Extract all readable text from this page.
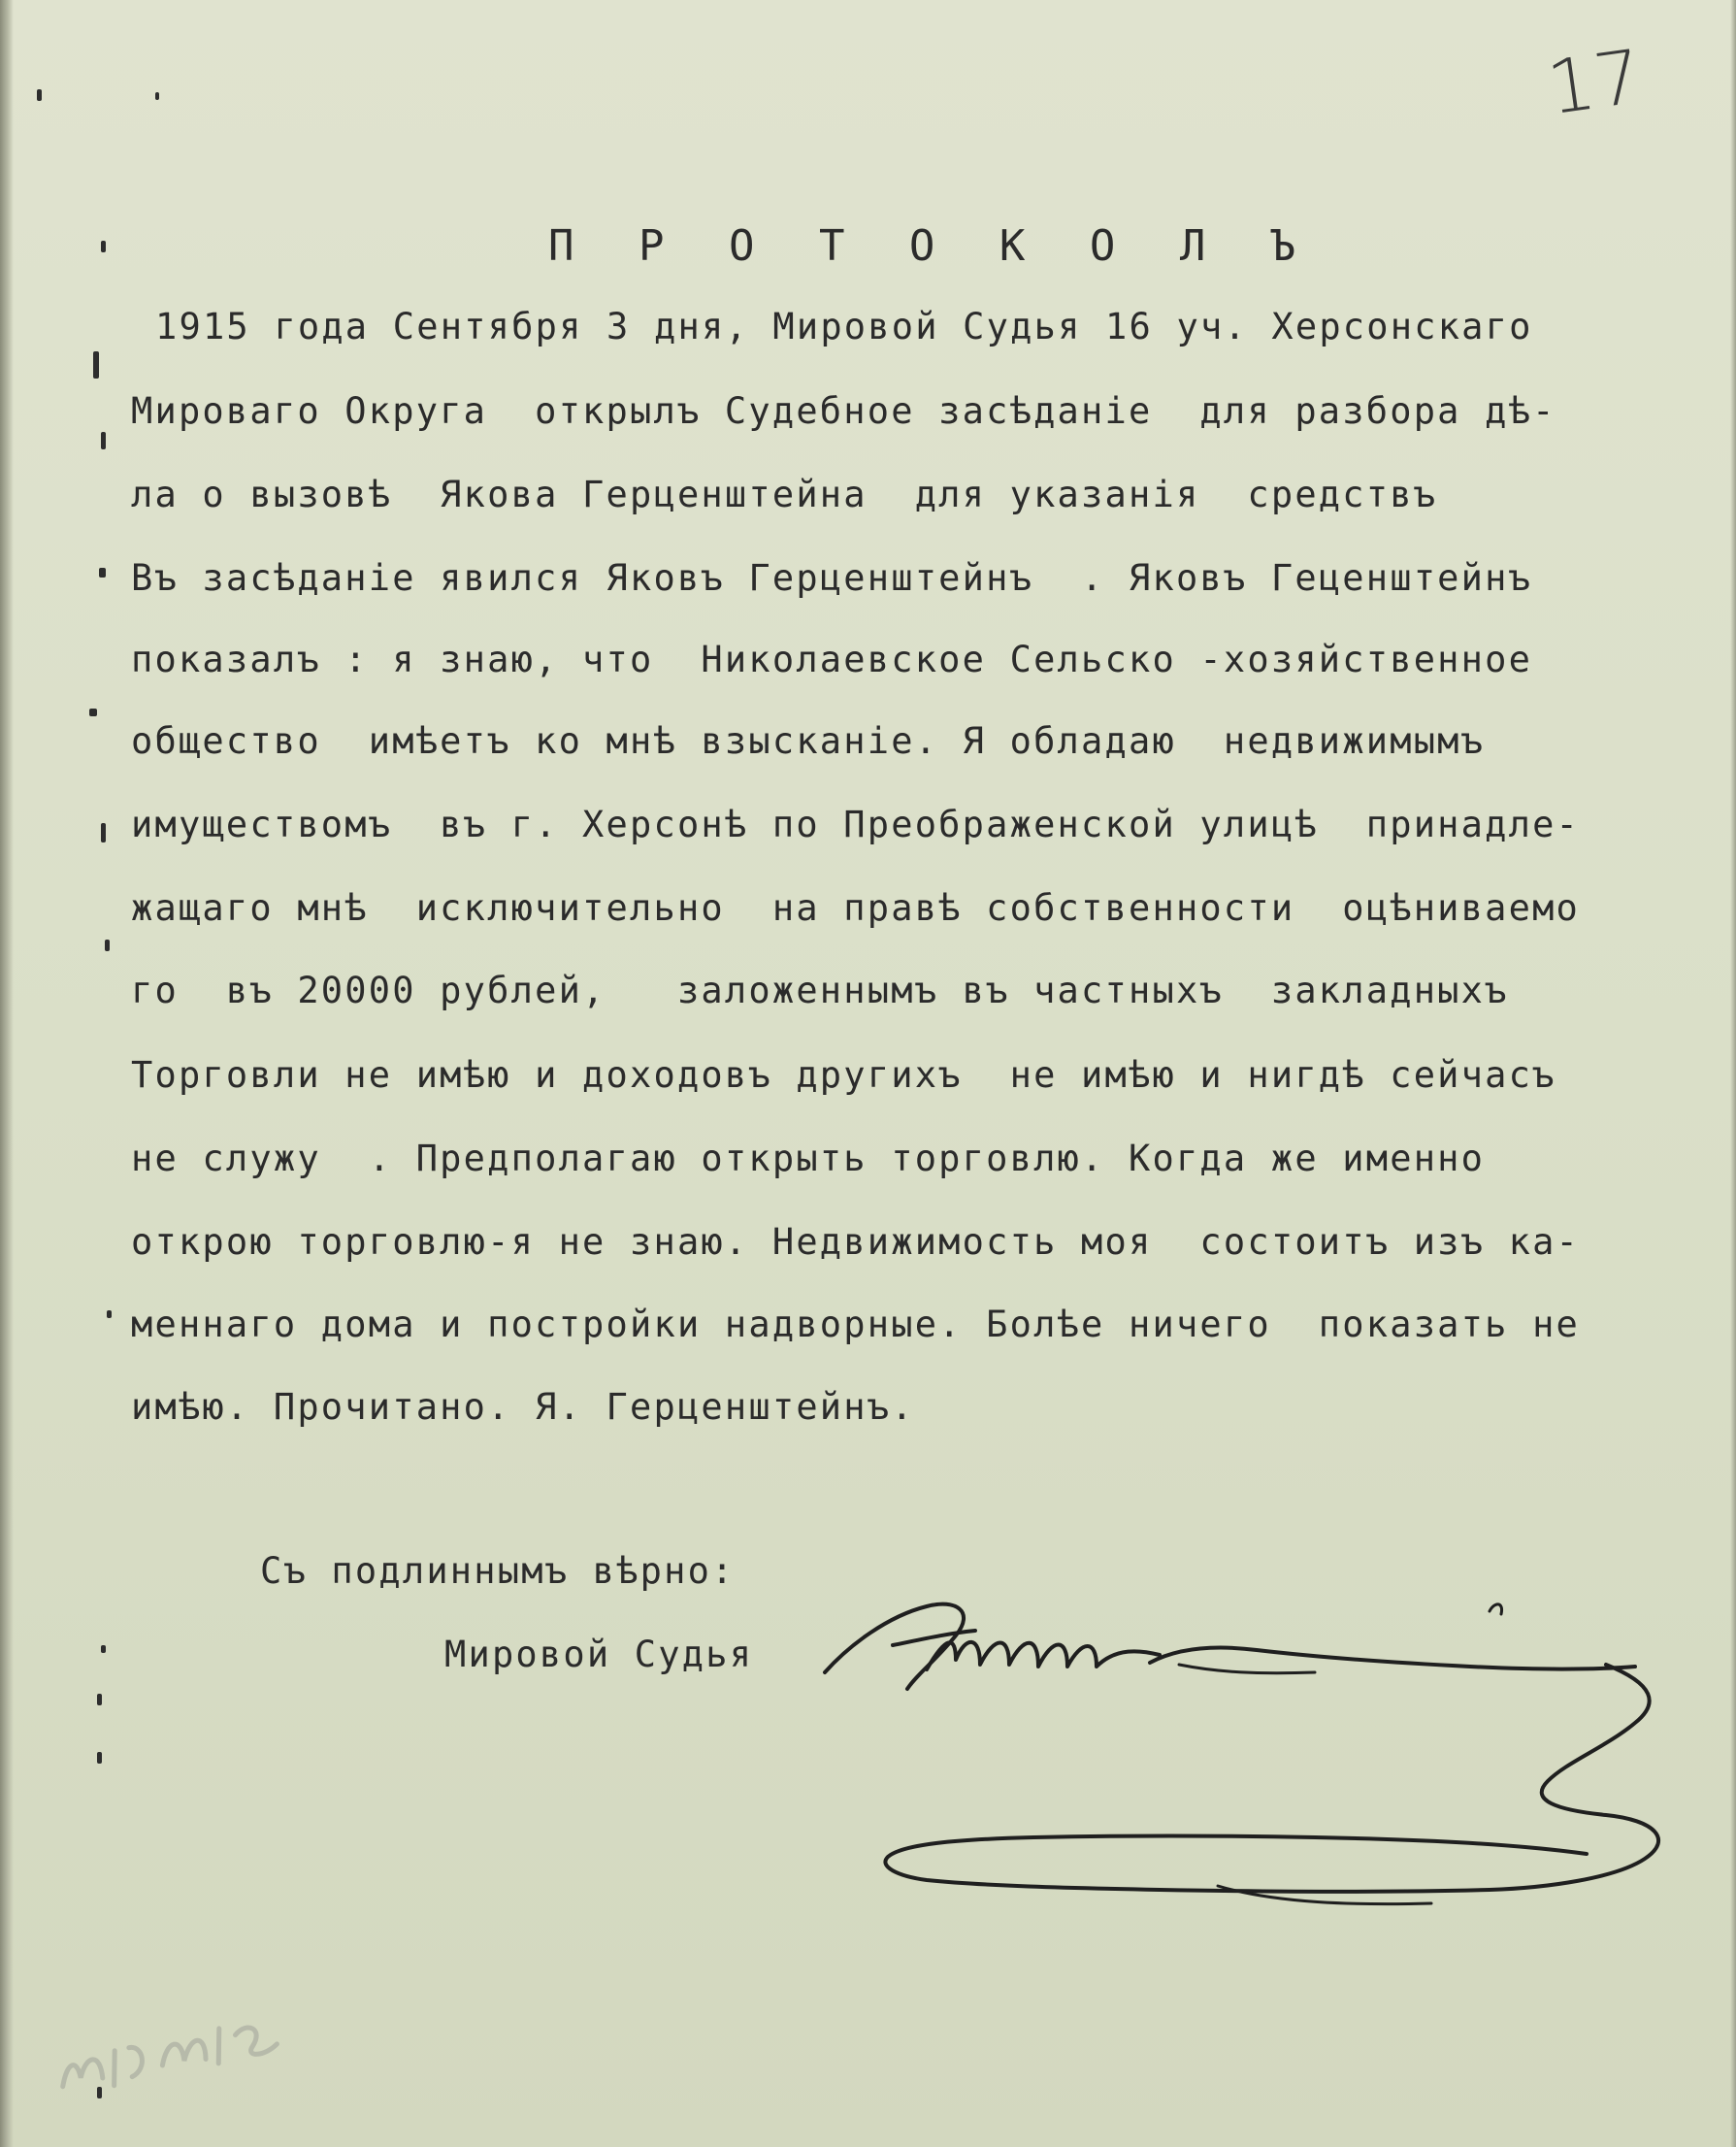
17
П Р О Т О К О Л Ъ
1915 года Сентября 3 дня, Мировой Судья 16 уч. Херсонскаго
Мировaго Округа  открылъ Судебное засѣданiе  для разбора дѣ-
ла о вызовѣ  Якова Герценштейна  для указанiя  средствъ
Въ засѣданiе явился Яковъ Герценштейнъ  . Яковъ Геценштейнъ
показалъ : я знаю, что  Николаевское Сельско -хозяйственное
общество  имѣетъ ко мнѣ взысканiе. Я обладаю  недвижимымъ
имуществомъ  въ г. Херсонѣ по Преображенской улицѣ  принадле-
жащаго мнѣ  исключительно  на правѣ собственности  оцѣниваемо
го  въ 20000 рублей,   заложеннымъ въ частныхъ  закладныхъ
Торговли не имѣю и доходовъ другихъ  не имѣю и нигдѣ сейчасъ
не служу  . Предполагаю открыть торговлю. Когда же именно
открою торговлю-я не знаю. Недвижимость моя  состоитъ изъ ка-
меннаго дома и постройки надворные. Болѣе ничего  показать не
имѣю. Прочитано. Я. Герценштейнъ.
Съ подлиннымъ вѣрно:
Мировой Судья
